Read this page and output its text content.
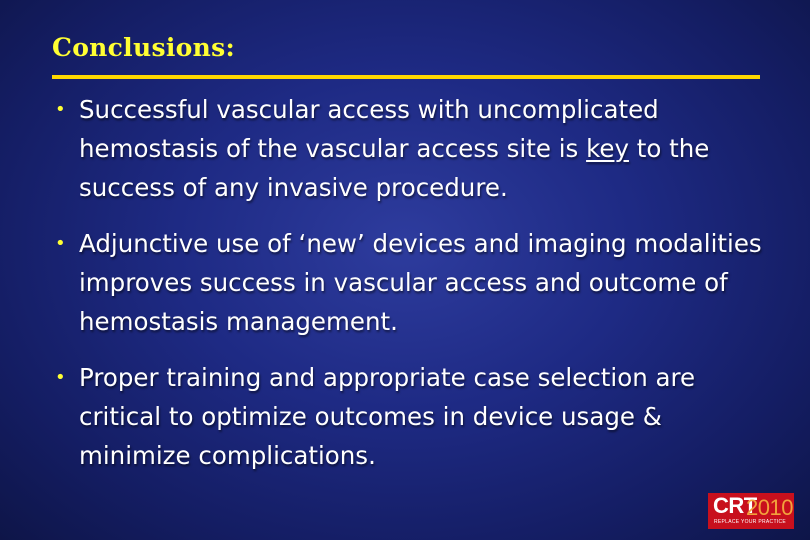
Conclusions:
• Successful vascular access with uncomplicated hemostasis of the vascular access site is key to the success of any invasive procedure.
• Adjunctive use of ‘new’ devices and imaging modalities improves success in vascular access and outcome of hemostasis management.
• Proper training and appropriate case selection are critical to optimize outcomes in device usage & minimize complications.
CRT
2010
REPLACE YOUR PRACTICE
